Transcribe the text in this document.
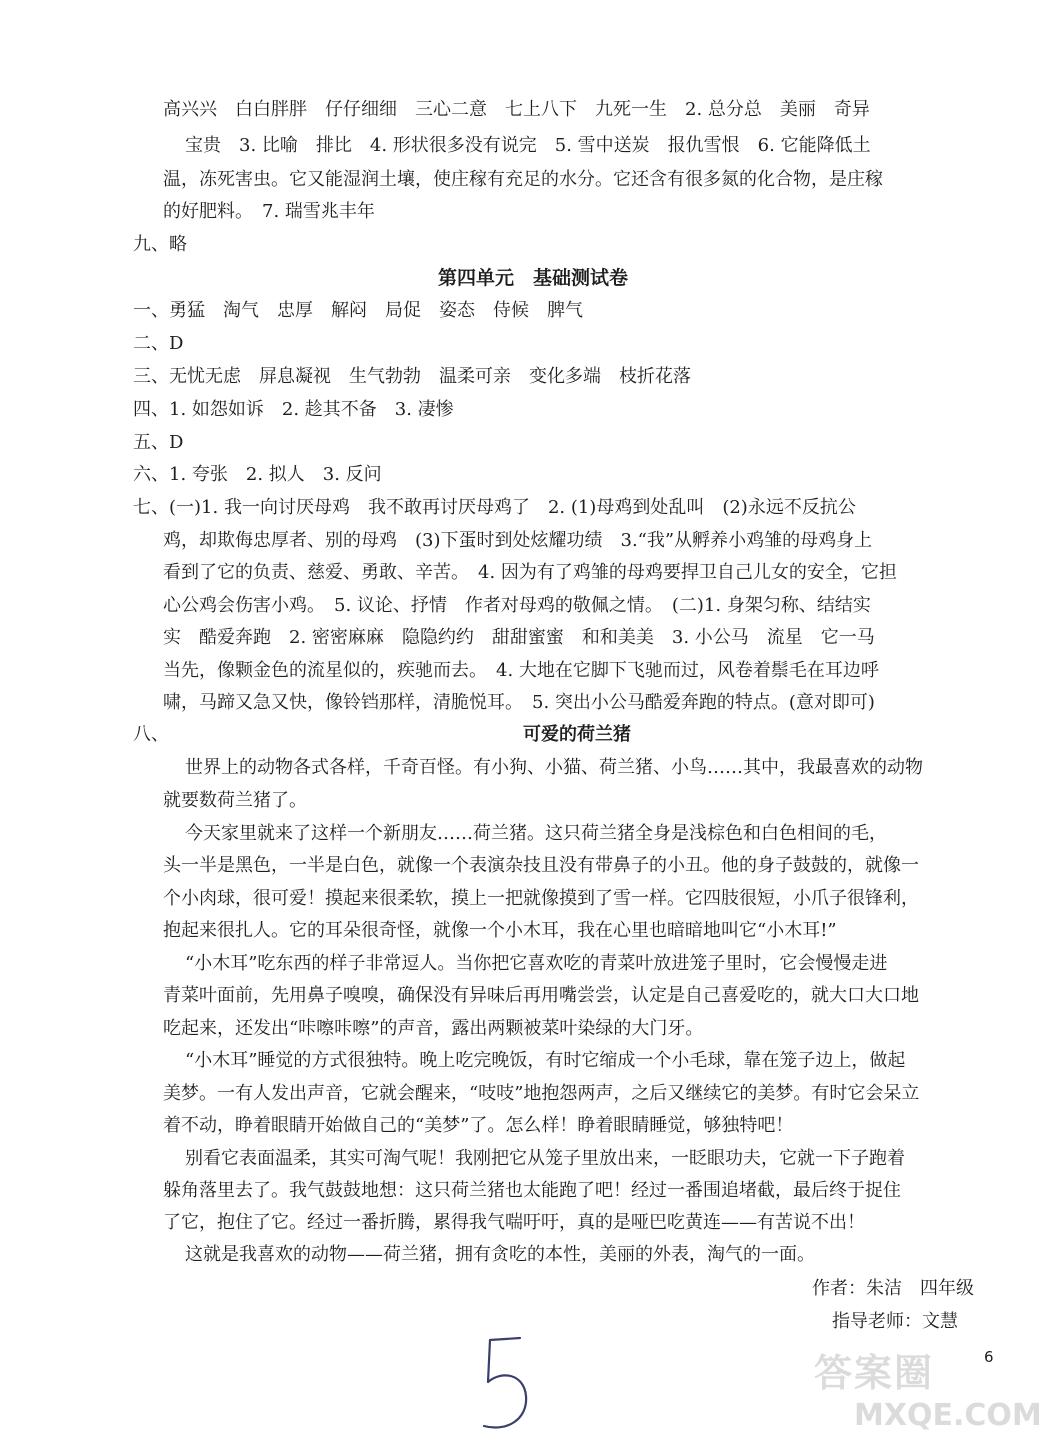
高兴兴　白白胖胖　仔仔细细　三心二意　七上八下　九死一生　2. 总分总　美丽　奇异
宝贵　3. 比喻　排比　4. 形状很多没有说完　5. 雪中送炭　报仇雪恨　6. 它能降低土
温，冻死害虫。它又能湿润土壤，使庄稼有充足的水分。它还含有很多氮的化合物，是庄稼
的好肥料。　7. 瑞雪兆丰年
九、略
第四单元　基础测试卷
一、勇猛　淘气　忠厚　解闷　局促　姿态　侍候　脾气
二、D
三、无忧无虑　屏息凝视　生气勃勃　温柔可亲　变化多端　枝折花落
四、1. 如怨如诉　2. 趁其不备　3. 凄惨
五、D
六、1. 夸张　2. 拟人　3. 反问
七、(一)1. 我一向讨厌母鸡　我不敢再讨厌母鸡了　2. (1)母鸡到处乱叫　(2)永远不反抗公
鸡，却欺侮忠厚者、别的母鸡　(3)下蛋时到处炫耀功绩　3.“我”从孵养小鸡雏的母鸡身上
看到了它的负责、慈爱、勇敢、辛苦。　4. 因为有了鸡雏的母鸡要捍卫自己儿女的安全，它担
心公鸡会伤害小鸡。　5. 议论、抒情　作者对母鸡的敬佩之情。　(二)1. 身架匀称、结结实
实　酷爱奔跑　2. 密密麻麻　隐隐约约　甜甜蜜蜜　和和美美　3. 小公马　流星　它一马
当先，像颗金色的流星似的，疾驰而去。　4. 大地在它脚下飞驰而过，风卷着鬃毛在耳边呼
啸，马蹄又急又快，像铃铛那样，清脆悦耳。　5. 突出小公马酷爱奔跑的特点。(意对即可)
八、	可爱的荷兰猪
世界上的动物各式各样，千奇百怪。有小狗、小猫、荷兰猪、小鸟……其中，我最喜欢的动物
就要数荷兰猪了。
今天家里就来了这样一个新朋友……荷兰猪。这只荷兰猪全身是浅棕色和白色相间的毛，
头一半是黑色，一半是白色，就像一个表演杂技且没有带鼻子的小丑。他的身子鼓鼓的，就像一
个小肉球，很可爱！摸起来很柔软，摸上一把就像摸到了雪一样。它四肢很短，小爪子很锋利，
抱起来很扎人。它的耳朵很奇怪，就像一个小木耳，我在心里也暗暗地叫它“小木耳!”
“小木耳”吃东西的样子非常逗人。当你把它喜欢吃的青菜叶放进笼子里时，它会慢慢走进
青菜叶面前，先用鼻子嗅嗅，确保没有异味后再用嘴尝尝，认定是自己喜爱吃的，就大口大口地
吃起来，还发出“咔嚓咔嚓”的声音，露出两颗被菜叶染绿的大门牙。
“小木耳”睡觉的方式很独特。晚上吃完晚饭，有时它缩成一个小毛球，靠在笼子边上，做起
美梦。一有人发出声音，它就会醒来，“吱吱”地抱怨两声，之后又继续它的美梦。有时它会呆立
着不动，睁着眼睛开始做自己的“美梦”了。怎么样！睁着眼睛睡觉，够独特吧！
别看它表面温柔，其实可淘气呢！我刚把它从笼子里放出来，一眨眼功夫，它就一下子跑着
躲角落里去了。我气鼓鼓地想：这只荷兰猪也太能跑了吧！经过一番围追堵截，最后终于捉住
了它，抱住了它。经过一番折腾，累得我气喘吁吁，真的是哑巴吃黄连——有苦说不出！
这就是我喜欢的动物——荷兰猪，拥有贪吃的本性，美丽的外表，淘气的一面。
作者：朱洁　四年级
指导老师：文慧
6
答案圈
MXQE.COM
